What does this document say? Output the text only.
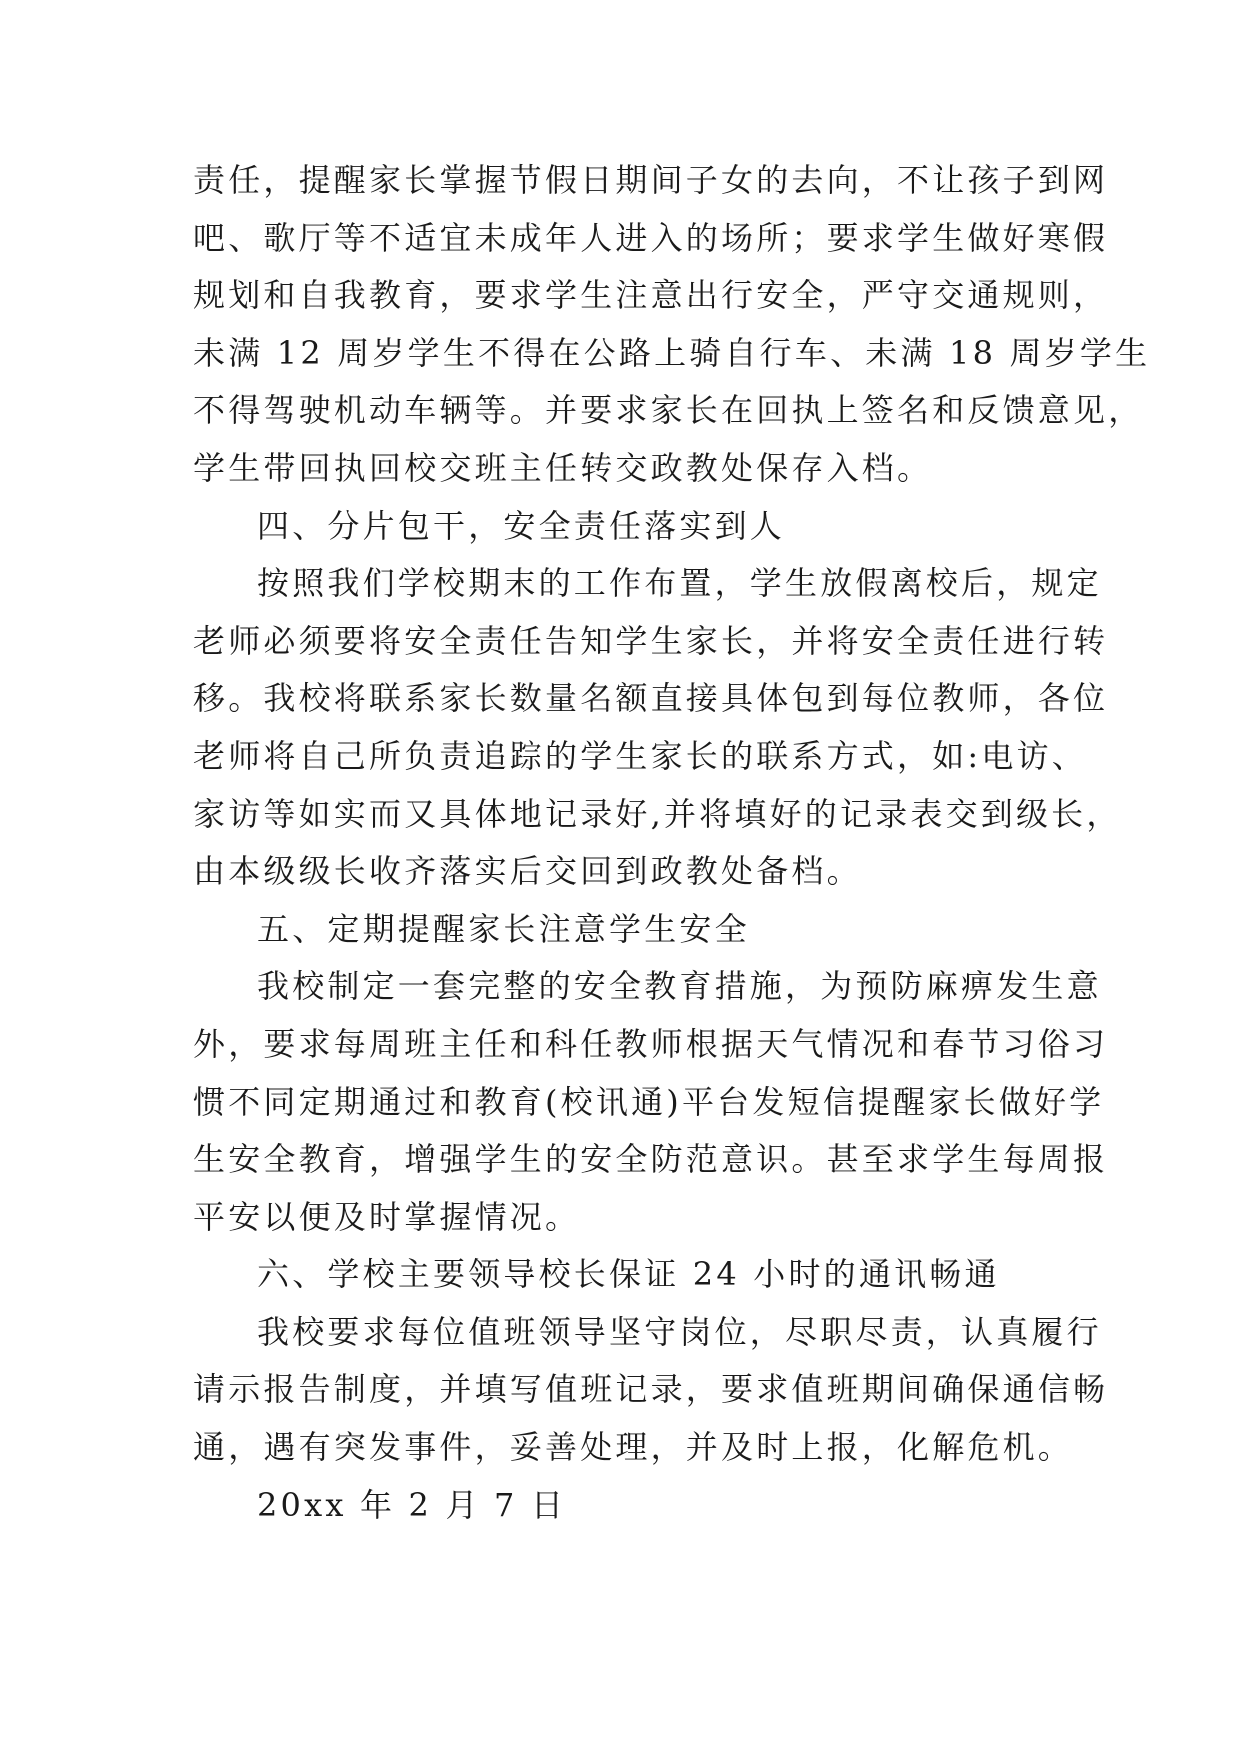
责任，提醒家长掌握节假日期间子女的去向，不让孩子到网
吧、歌厅等不适宜未成年人进入的场所；要求学生做好寒假
规划和自我教育，要求学生注意出行安全，严守交通规则，
未满 12 周岁学生不得在公路上骑自行车、未满 18 周岁学生
不得驾驶机动车辆等。并要求家长在回执上签名和反馈意见，
学生带回执回校交班主任转交政教处保存入档。
四、分片包干，安全责任落实到人
按照我们学校期末的工作布置，学生放假离校后，规定
老师必须要将安全责任告知学生家长，并将安全责任进行转
移。我校将联系家长数量名额直接具体包到每位教师，各位
老师将自己所负责追踪的学生家长的联系方式，如:电访、
家访等如实而又具体地记录好,并将填好的记录表交到级长，
由本级级长收齐落实后交回到政教处备档。
五、定期提醒家长注意学生安全
我校制定一套完整的安全教育措施，为预防麻痹发生意
外，要求每周班主任和科任教师根据天气情况和春节习俗习
惯不同定期通过和教育(校讯通)平台发短信提醒家长做好学
生安全教育，增强学生的安全防范意识。甚至求学生每周报
平安以便及时掌握情况。
六、学校主要领导校长保证 24 小时的通讯畅通
我校要求每位值班领导坚守岗位，尽职尽责，认真履行
请示报告制度，并填写值班记录，要求值班期间确保通信畅
通，遇有突发事件，妥善处理，并及时上报，化解危机。
20xx 年 2 月 7 日
